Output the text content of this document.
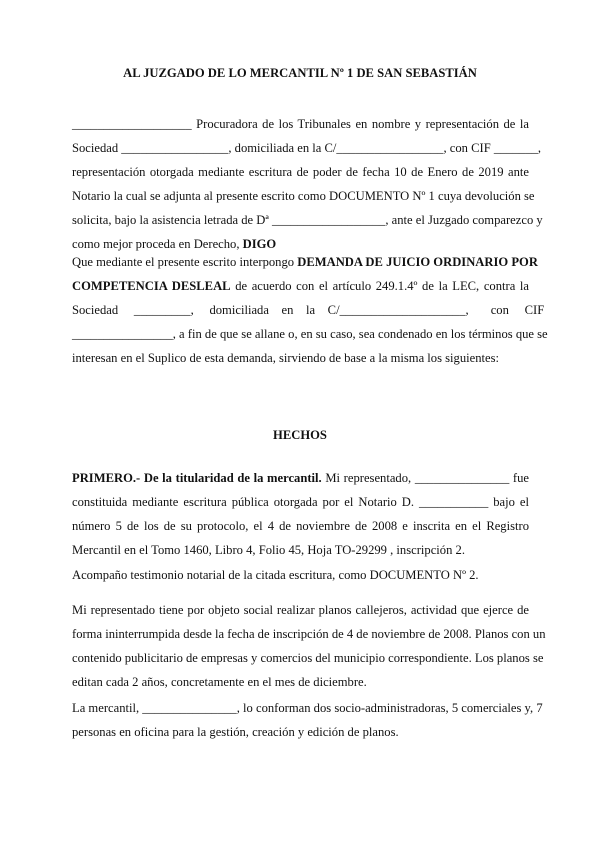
AL JUZGADO DE LO MERCANTIL Nº 1 DE SAN SEBASTIÁN
___________________ Procuradora de los Tribunales en nombre y representación de la
Sociedad _________________, domiciliada en la C/_________________, con CIF _______,
representación otorgada mediante escritura de poder de fecha 10 de Enero de 2019 ante
Notario la cual se adjunta al presente escrito como DOCUMENTO Nº 1 cuya devolución se
solicita, bajo la asistencia letrada de Dª __________________, ante el Juzgado comparezco y
como mejor proceda en Derecho, DIGO
Que mediante el presente escrito interpongo DEMANDA DE JUICIO ORDINARIO POR
COMPETENCIA DESLEAL de acuerdo con el artículo 249.1.4º de la LEC, contra la
Sociedad     _________,     domiciliada    en    la    C/____________________,       con     CIF
________________, a fin de que se allane o, en su caso, sea condenado en los términos que se
interesan en el Suplico de esta demanda, sirviendo de base a la misma los siguientes:
HECHOS
PRIMERO.- De la titularidad de la mercantil. Mi representado, _______________ fue
constituida mediante escritura pública otorgada por el Notario D. ___________ bajo el
número 5 de los de su protocolo, el 4 de noviembre de 2008 e inscrita en el Registro
Mercantil en el Tomo 1460, Libro 4, Folio 45, Hoja TO-29299 , inscripción 2.
Acompaño testimonio notarial de la citada escritura, como DOCUMENTO Nº 2.
Mi representado tiene por objeto social realizar planos callejeros, actividad que ejerce de
forma ininterrumpida desde la fecha de inscripción de 4 de noviembre de 2008. Planos con un
contenido publicitario de empresas y comercios del municipio correspondiente. Los planos se
editan cada 2 años, concretamente en el mes de diciembre.
La mercantil, _______________, lo conforman dos socio-administradoras, 5 comerciales y, 7
personas en oficina para la gestión, creación y edición de planos.
